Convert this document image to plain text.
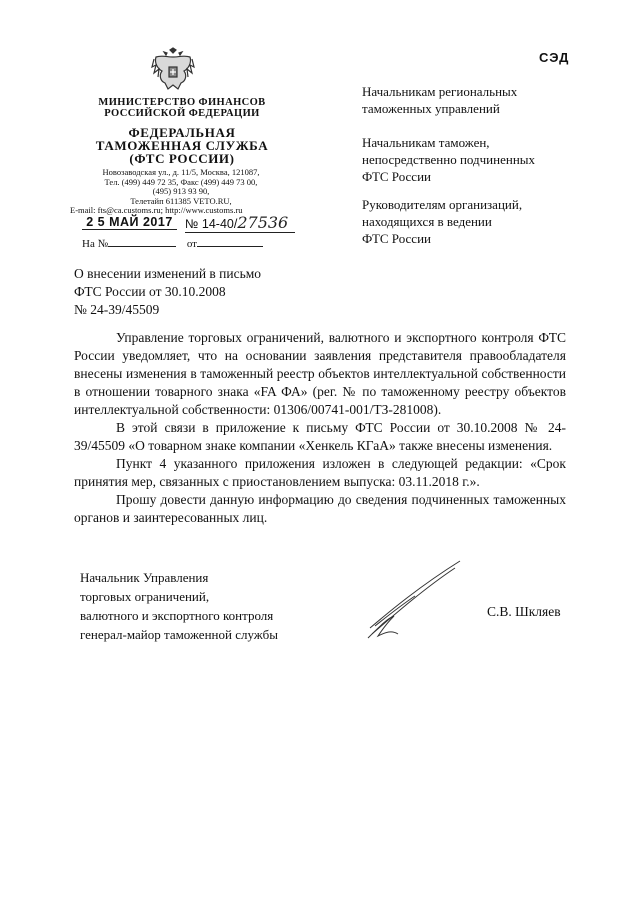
МИНИСТЕРСТВО ФИНАНСОВ РОССИЙСКОЙ ФЕДЕРАЦИИ
ФЕДЕРАЛЬНАЯ
ТАМОЖЕННАЯ СЛУЖБА
(ФТС РОССИИ)
Новозаводская ул., д. 11/5, Москва, 121087,
Тел. (499) 449 72 35, Факс (499) 449 73 00,
(495) 913 93 90,
Телетайп 611385 VETO.RU,
E-mail: fts@ca.customs.ru; http://www.customs.ru
2 5 МАЙ 2017 № 14-40/27536
На №	от
СЭД
Начальникам региональных
таможенных управлений
Начальникам таможен,
непосредственно подчиненных
ФТС России
Руководителям организаций,
находящихся в ведении
ФТС России
О внесении изменений в письмо
ФТС России от 30.10.2008
№ 24-39/45509

Управление торговых ограничений, валютного и экспортного контроля ФТС России уведомляет, что на основании заявления представителя правообладателя внесены изменения в таможенный реестр объектов интеллектуальной собственности в отношении товарного знака «FA ФА» (рег. № по таможенному реестру объектов интеллектуальной собственности: 01306/00741-001/ТЗ-281008).

В этой связи в приложение к письму ФТС России от 30.10.2008 № 24-39/45509 «О товарном знаке компании «Хенкель КГаА» также внесены изменения.

Пункт 4 указанного приложения изложен в следующей редакции: «Срок принятия мер, связанных с приостановлением выпуска: 03.11.2018 г.».

Прошу довести данную информацию до сведения подчиненных таможенных органов и заинтересованных лиц.

Начальник Управления
торговых ограничений,
валютного и экспортного контроля
генерал-майор таможенной службы
С.В. Шкляев
